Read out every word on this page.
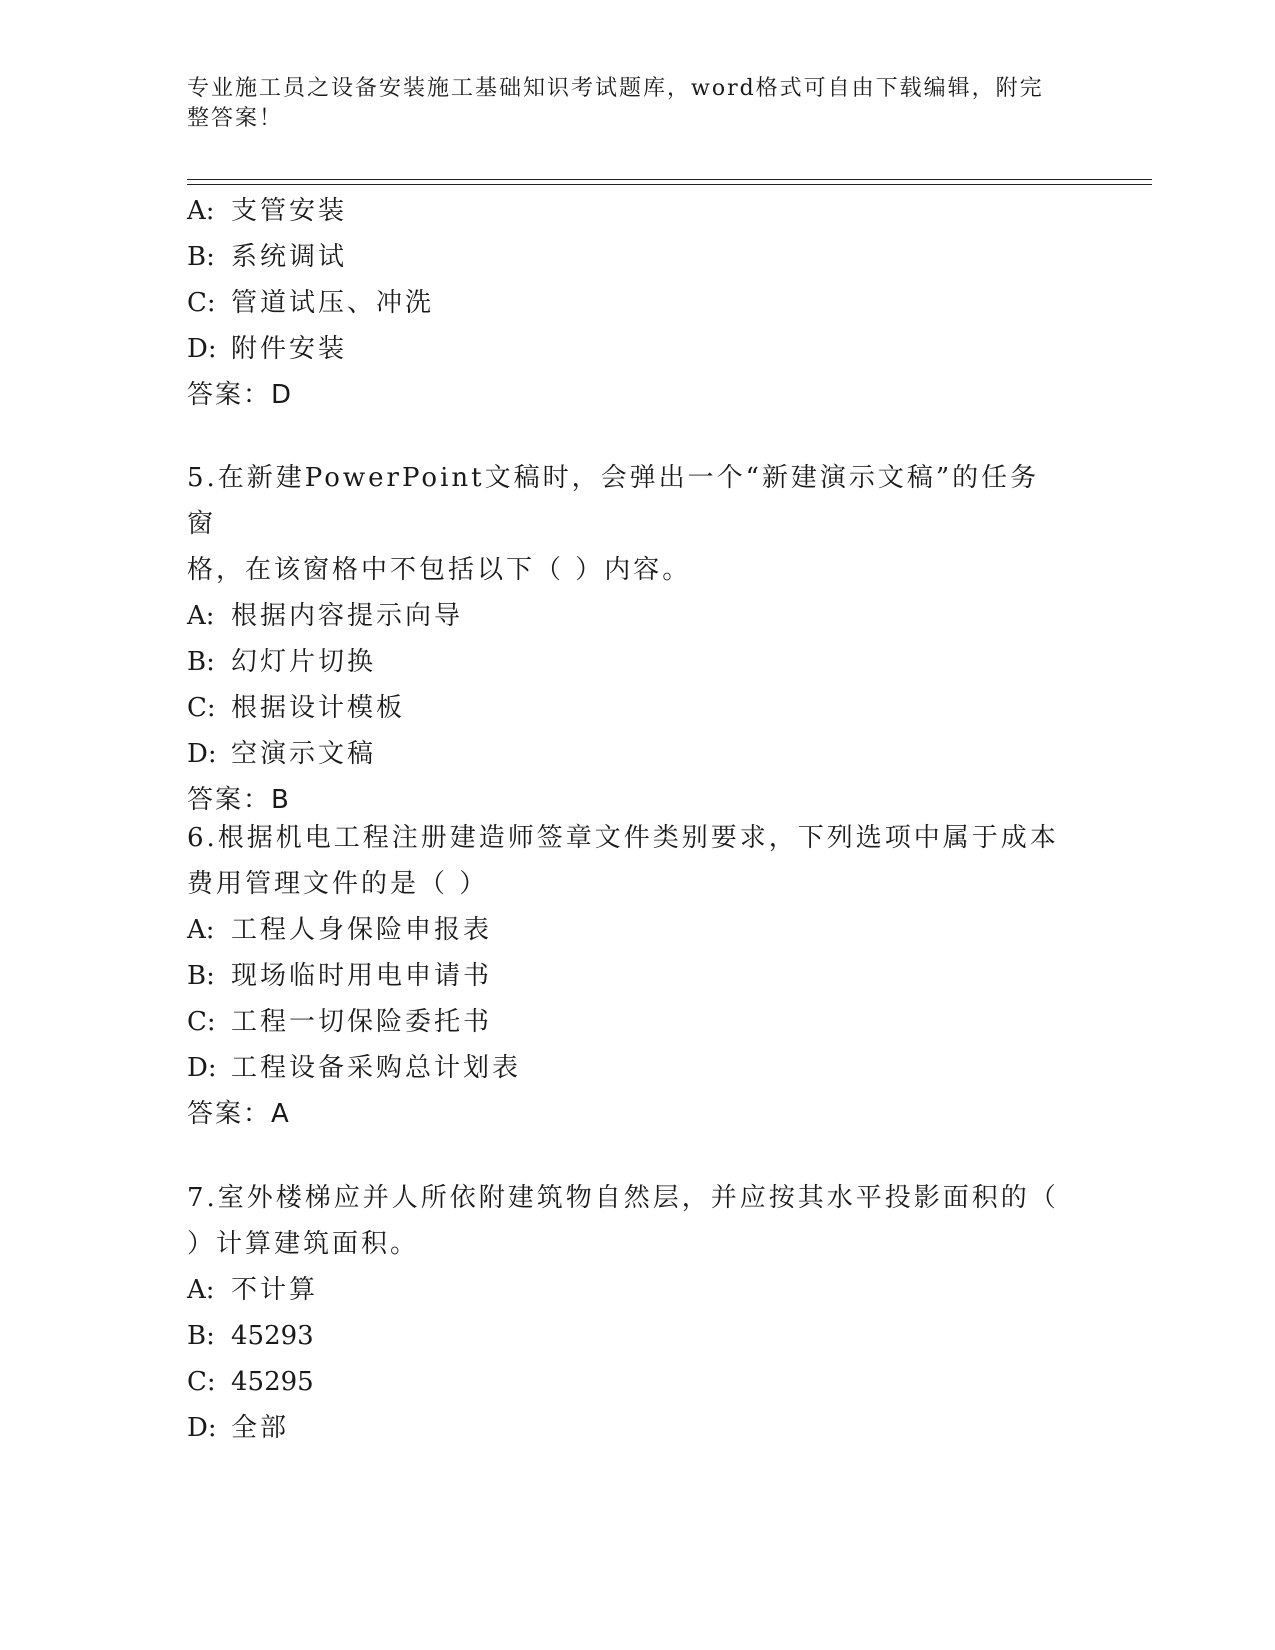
专业施工员之设备安装施工基础知识考试题库，word格式可自由下载编辑，附完整答案！
A: 支管安装
B: 系统调试
C: 管道试压、冲洗
D: 附件安装
答案：D
5.在新建PowerPoint文稿时，会弹出一个“新建演示文稿”的任务窗
格，在该窗格中不包括以下（ ）内容。
A: 根据内容提示向导
B: 幻灯片切换
C: 根据设计模板
D: 空演示文稿
答案：B
6.根据机电工程注册建造师签章文件类别要求，下列选项中属于成本
费用管理文件的是（ ）
A: 工程人身保险申报表
B: 现场临时用电申请书
C: 工程一切保险委托书
D: 工程设备采购总计划表
答案：A
7.室外楼梯应并人所依附建筑物自然层，并应按其水平投影面积的（
）计算建筑面积。
A: 不计算
B: 45293
C: 45295
D: 全部
